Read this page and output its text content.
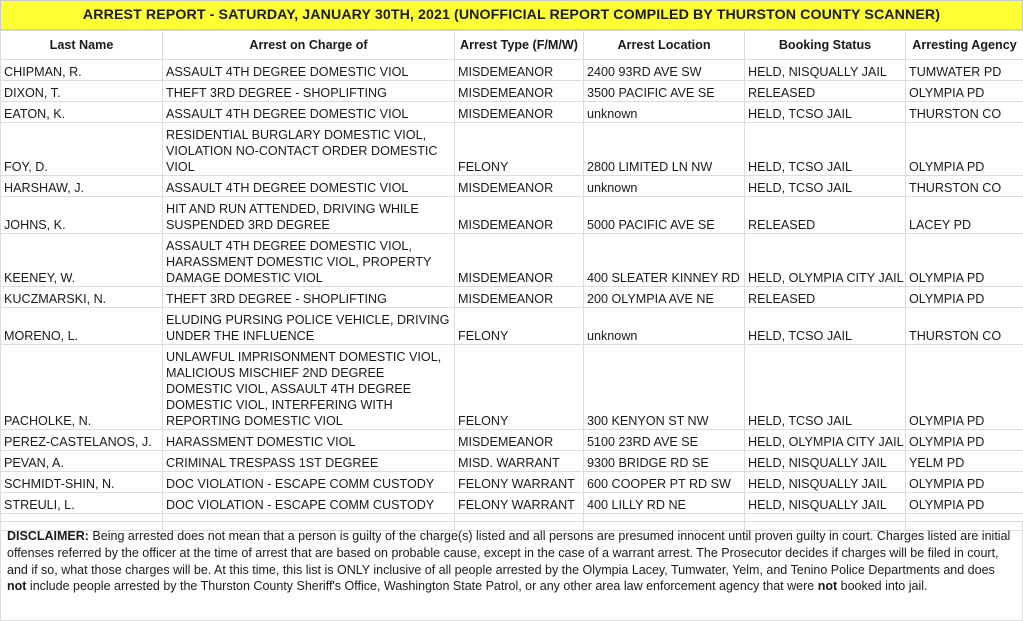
ARREST REPORT - SATURDAY, JANUARY 30TH, 2021 (UNOFFICIAL REPORT COMPILED BY THURSTON COUNTY SCANNER)
Last Name	Arrest on Charge of	Arrest Type (F/M/W)	Arrest Location	Booking Status	Arresting Agency
CHIPMAN, R.	ASSAULT 4TH DEGREE DOMESTIC VIOL	MISDEMEANOR	2400 93RD AVE SW	HELD, NISQUALLY JAIL	TUMWATER PD
DIXON, T.	THEFT 3RD DEGREE - SHOPLIFTING	MISDEMEANOR	3500 PACIFIC AVE SE	RELEASED	OLYMPIA PD
EATON, K.	ASSAULT 4TH DEGREE DOMESTIC VIOL	MISDEMEANOR	unknown	HELD, TCSO JAIL	THURSTON CO
FOY, D.	RESIDENTIAL BURGLARY DOMESTIC VIOL, VIOLATION NO-CONTACT ORDER DOMESTIC VIOL	FELONY	2800 LIMITED LN NW	HELD, TCSO JAIL	OLYMPIA PD
HARSHAW, J.	ASSAULT 4TH DEGREE DOMESTIC VIOL	MISDEMEANOR	unknown	HELD, TCSO JAIL	THURSTON CO
JOHNS, K.	HIT AND RUN ATTENDED, DRIVING WHILE SUSPENDED 3RD DEGREE	MISDEMEANOR	5000 PACIFIC AVE SE	RELEASED	LACEY PD
KEENEY, W.	ASSAULT 4TH DEGREE DOMESTIC VIOL, HARASSMENT DOMESTIC VIOL, PROPERTY DAMAGE DOMESTIC VIOL	MISDEMEANOR	400 SLEATER KINNEY RD	HELD, OLYMPIA CITY JAIL	OLYMPIA PD
KUCZMARSKI, N.	THEFT 3RD DEGREE - SHOPLIFTING	MISDEMEANOR	200 OLYMPIA AVE NE	RELEASED	OLYMPIA PD
MORENO, L.	ELUDING PURSING POLICE VEHICLE, DRIVING UNDER THE INFLUENCE	FELONY	unknown	HELD, TCSO JAIL	THURSTON CO
PACHOLKE, N.	UNLAWFUL IMPRISONMENT DOMESTIC VIOL, MALICIOUS MISCHIEF 2ND DEGREE DOMESTIC VIOL, ASSAULT 4TH DEGREE DOMESTIC VIOL, INTERFERING WITH REPORTING DOMESTIC VIOL	FELONY	300 KENYON ST NW	HELD, TCSO JAIL	OLYMPIA PD
PEREZ-CASTELANOS, J.	HARASSMENT DOMESTIC VIOL	MISDEMEANOR	5100 23RD AVE SE	HELD, OLYMPIA CITY JAIL	OLYMPIA PD
PEVAN, A.	CRIMINAL TRESPASS 1ST DEGREE	MISD. WARRANT	9300 BRIDGE RD SE	HELD, NISQUALLY JAIL	YELM PD
SCHMIDT-SHIN, N.	DOC VIOLATION - ESCAPE COMM CUSTODY	FELONY WARRANT	600 COOPER PT RD SW	HELD, NISQUALLY JAIL	OLYMPIA PD
STREULI, L.	DOC VIOLATION - ESCAPE COMM CUSTODY	FELONY WARRANT	400 LILLY RD NE	HELD, NISQUALLY JAIL	OLYMPIA PD

DISCLAIMER: Being arrested does not mean that a person is guilty of the charge(s) listed and all persons are presumed innocent until proven guilty in court. Charges listed are initial offenses referred by the officer at the time of arrest that are based on probable cause, except in the case of a warrant arrest. The Prosecutor decides if charges will be filed in court, and if so, what those charges will be. At this time, this list is ONLY inclusive of all people arrested by the Olympia Lacey, Tumwater, Yelm, and Tenino Police Departments and does not include people arrested by the Thurston County Sheriff's Office, Washington State Patrol, or any other area law enforcement agency that were not booked into jail.
